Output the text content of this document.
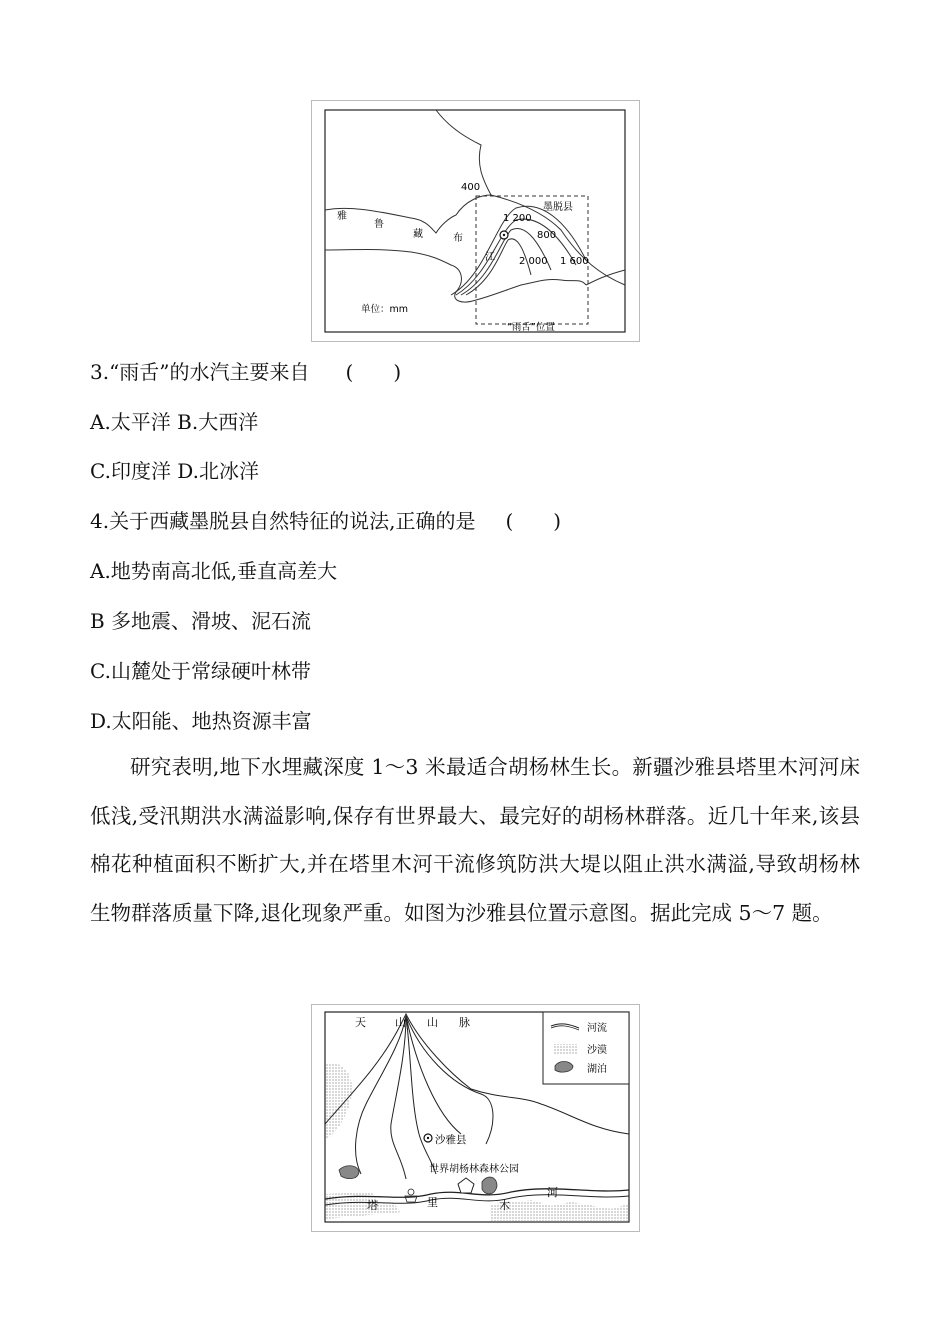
400
1 200
墨脱县
800
2 000 1 600
雅
鲁
藏	布
江
单位：mm
“雨舌”位置
3.“雨舌”的水汽主要来自 (　　)
A.太平洋 B.大西洋
C.印度洋 D.北冰洋
4.关于西藏墨脱县自然特征的说法,正确的是 (　　)
A.地势南高北低,垂直高差大
B 多地震、滑坡、泥石流
C.山麓处于常绿硬叶林带
D.太阳能、地热资源丰富
研究表明,地下水埋藏深度 1～3 米最适合胡杨林生长。新疆沙雅县塔里木河河床低浅,受汛期洪水满溢影响,保存有世界最大、最完好的胡杨林群落。近几十年来,该县棉花种植面积不断扩大,并在塔里木河干流修筑防洪大堤以阻止洪水满溢,导致胡杨林生物群落质量下降,退化现象严重。如图为沙雅县位置示意图。据此完成 5～7 题。
河流
沙漠
湖泊
天	山 山 脉
沙雅县
世界胡杨林森林公园
塔	里	木
河
